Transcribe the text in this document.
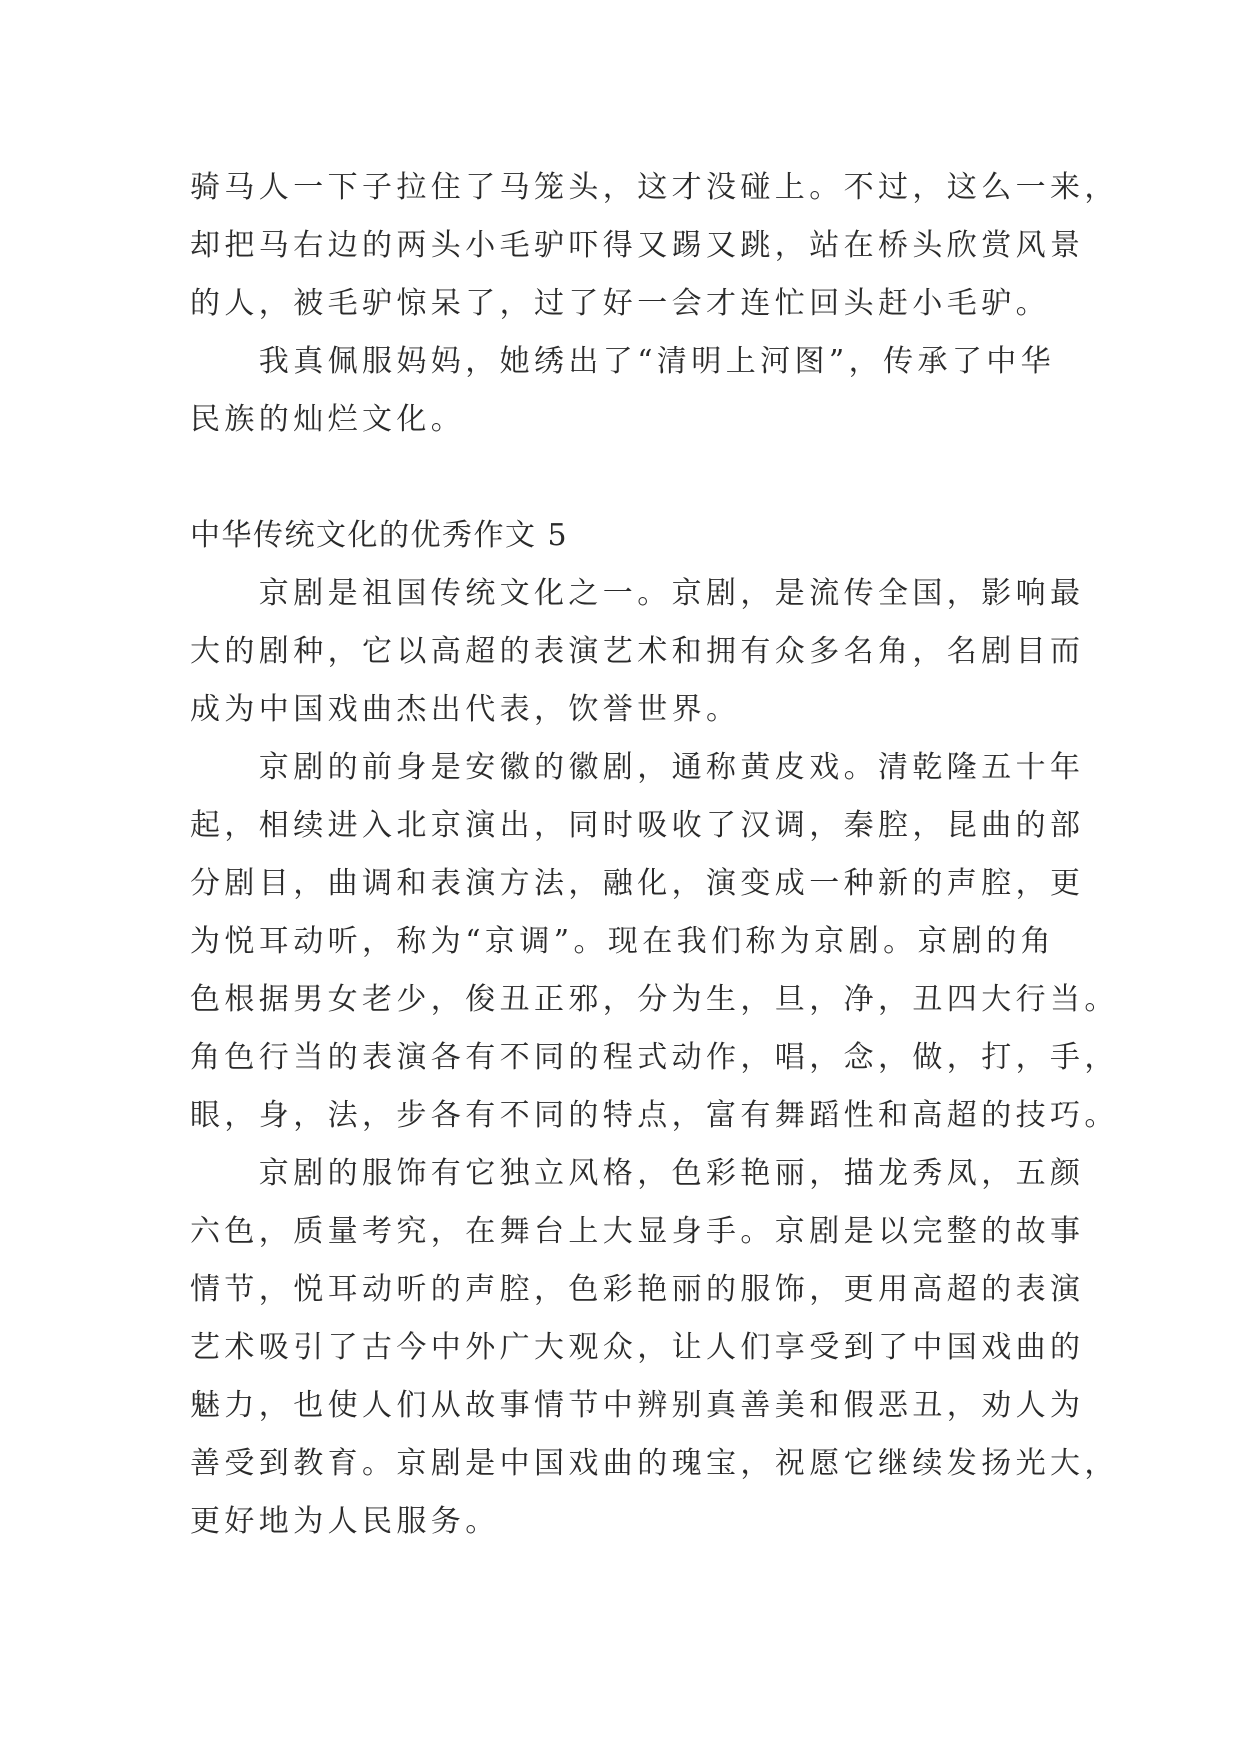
骑马人一下子拉住了马笼头，这才没碰上。不过，这么一来，
却把马右边的两头小毛驴吓得又踢又跳，站在桥头欣赏风景
的人，被毛驴惊呆了，过了好一会才连忙回头赶小毛驴。
　　我真佩服妈妈，她绣出了“清明上河图”，传承了中华
民族的灿烂文化。
中华传统文化的优秀作文 5
　　京剧是祖国传统文化之一。京剧，是流传全国，影响最
大的剧种，它以高超的表演艺术和拥有众多名角，名剧目而
成为中国戏曲杰出代表，饮誉世界。
　　京剧的前身是安徽的徽剧，通称黄皮戏。清乾隆五十年
起，相续进入北京演出，同时吸收了汉调，秦腔，昆曲的部
分剧目，曲调和表演方法，融化，演变成一种新的声腔，更
为悦耳动听，称为“京调”。现在我们称为京剧。京剧的角
色根据男女老少，俊丑正邪，分为生，旦，净，丑四大行当。
角色行当的表演各有不同的程式动作，唱，念，做，打，手，
眼，身，法，步各有不同的特点，富有舞蹈性和高超的技巧。
　　京剧的服饰有它独立风格，色彩艳丽，描龙秀凤，五颜
六色，质量考究，在舞台上大显身手。京剧是以完整的故事
情节，悦耳动听的声腔，色彩艳丽的服饰，更用高超的表演
艺术吸引了古今中外广大观众，让人们享受到了中国戏曲的
魅力，也使人们从故事情节中辨别真善美和假恶丑，劝人为
善受到教育。京剧是中国戏曲的瑰宝，祝愿它继续发扬光大，
更好地为人民服务。
